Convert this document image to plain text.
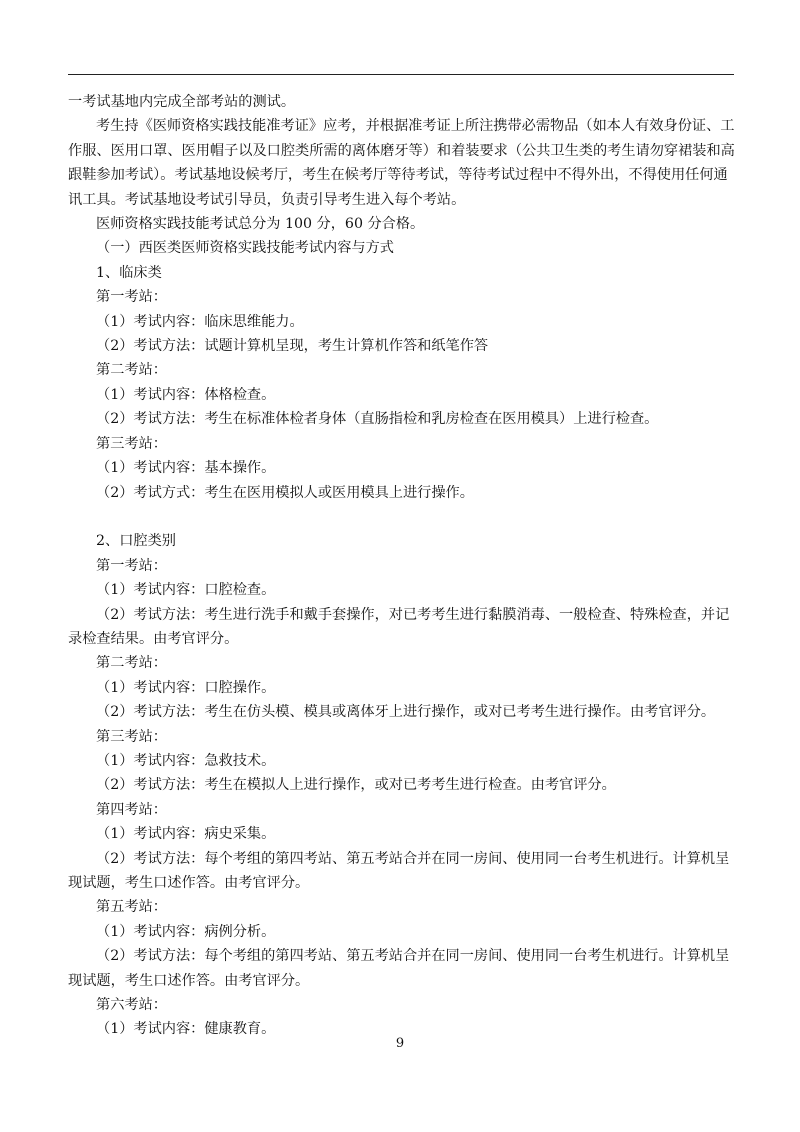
一考试基地内完成全部考站的测试。

考生持《医师资格实践技能准考证》应考，并根据准考证上所注携带必需物品（如本人有效身份证、工作服、医用口罩、医用帽子以及口腔类所需的离体磨牙等）和着装要求（公共卫生类的考生请勿穿裙装和高跟鞋参加考试）。考试基地设候考厅，考生在候考厅等待考试，等待考试过程中不得外出，不得使用任何通讯工具。考试基地设考试引导员，负责引导考生进入每个考站。

医师资格实践技能考试总分为 100 分，60 分合格。

（一）西医类医师资格实践技能考试内容与方式

1、临床类

第一考站：

（1）考试内容：临床思维能力。

（2）考试方法：试题计算机呈现，考生计算机作答和纸笔作答

第二考站：

（1）考试内容：体格检查。

（2）考试方法：考生在标准体检者身体（直肠指检和乳房检查在医用模具）上进行检查。

第三考站：

（1）考试内容：基本操作。

（2）考试方式：考生在医用模拟人或医用模具上进行操作。

2、口腔类别

第一考站：

（1）考试内容：口腔检查。

（2）考试方法：考生进行洗手和戴手套操作，对已考考生进行黏膜消毒、一般检查、特殊检查，并记录检查结果。由考官评分。

第二考站：

（1）考试内容：口腔操作。

（2）考试方法：考生在仿头模、模具或离体牙上进行操作，或对已考考生进行操作。由考官评分。

第三考站：

（1）考试内容：急救技术。

（2）考试方法：考生在模拟人上进行操作，或对已考考生进行检查。由考官评分。

第四考站：

（1）考试内容：病史采集。

（2）考试方法：每个考组的第四考站、第五考站合并在同一房间、使用同一台考生机进行。计算机呈现试题，考生口述作答。由考官评分。

第五考站：

（1）考试内容：病例分析。

（2）考试方法：每个考组的第四考站、第五考站合并在同一房间、使用同一台考生机进行。计算机呈现试题，考生口述作答。由考官评分。

第六考站：

（1）考试内容：健康教育。

9
